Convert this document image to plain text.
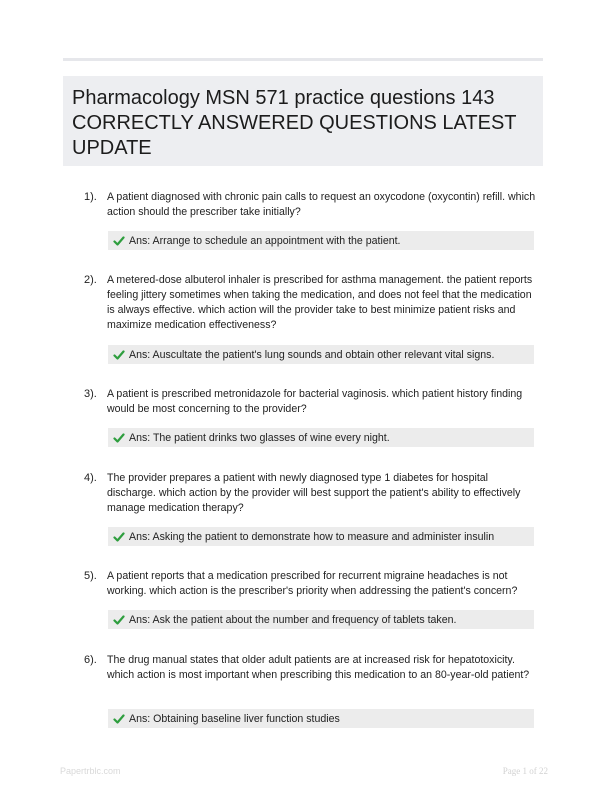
Pharmacology MSN 571 practice questions 143 CORRECTLY ANSWERED QUESTIONS LATEST UPDATE
1). A patient diagnosed with chronic pain calls to request an oxycodone (oxycontin) refill. which action should the prescriber take initially?
Ans: Arrange to schedule an appointment with the patient.
2). A metered-dose albuterol inhaler is prescribed for asthma management. the patient reports feeling jittery sometimes when taking the medication, and does not feel that the medication is always effective. which action will the provider take to best minimize patient risks and maximize medication effectiveness?
Ans: Auscultate the patient's lung sounds and obtain other relevant vital signs.
3). A patient is prescribed metronidazole for bacterial vaginosis. which patient history finding would be most concerning to the provider?
Ans: The patient drinks two glasses of wine every night.
4). The provider prepares a patient with newly diagnosed type 1 diabetes for hospital discharge. which action by the provider will best support the patient's ability to effectively manage medication therapy?
Ans: Asking the patient to demonstrate how to measure and administer insulin
5). A patient reports that a medication prescribed for recurrent migraine headaches is not working. which action is the prescriber's priority when addressing the patient's concern?
Ans: Ask the patient about the number and frequency of tablets taken.
6). The drug manual states that older adult patients are at increased risk for hepatotoxicity. which action is most important when prescribing this medication to an 80-year-old patient?
Ans: Obtaining baseline liver function studies
Papertrblc.com	Page 1 of 22
